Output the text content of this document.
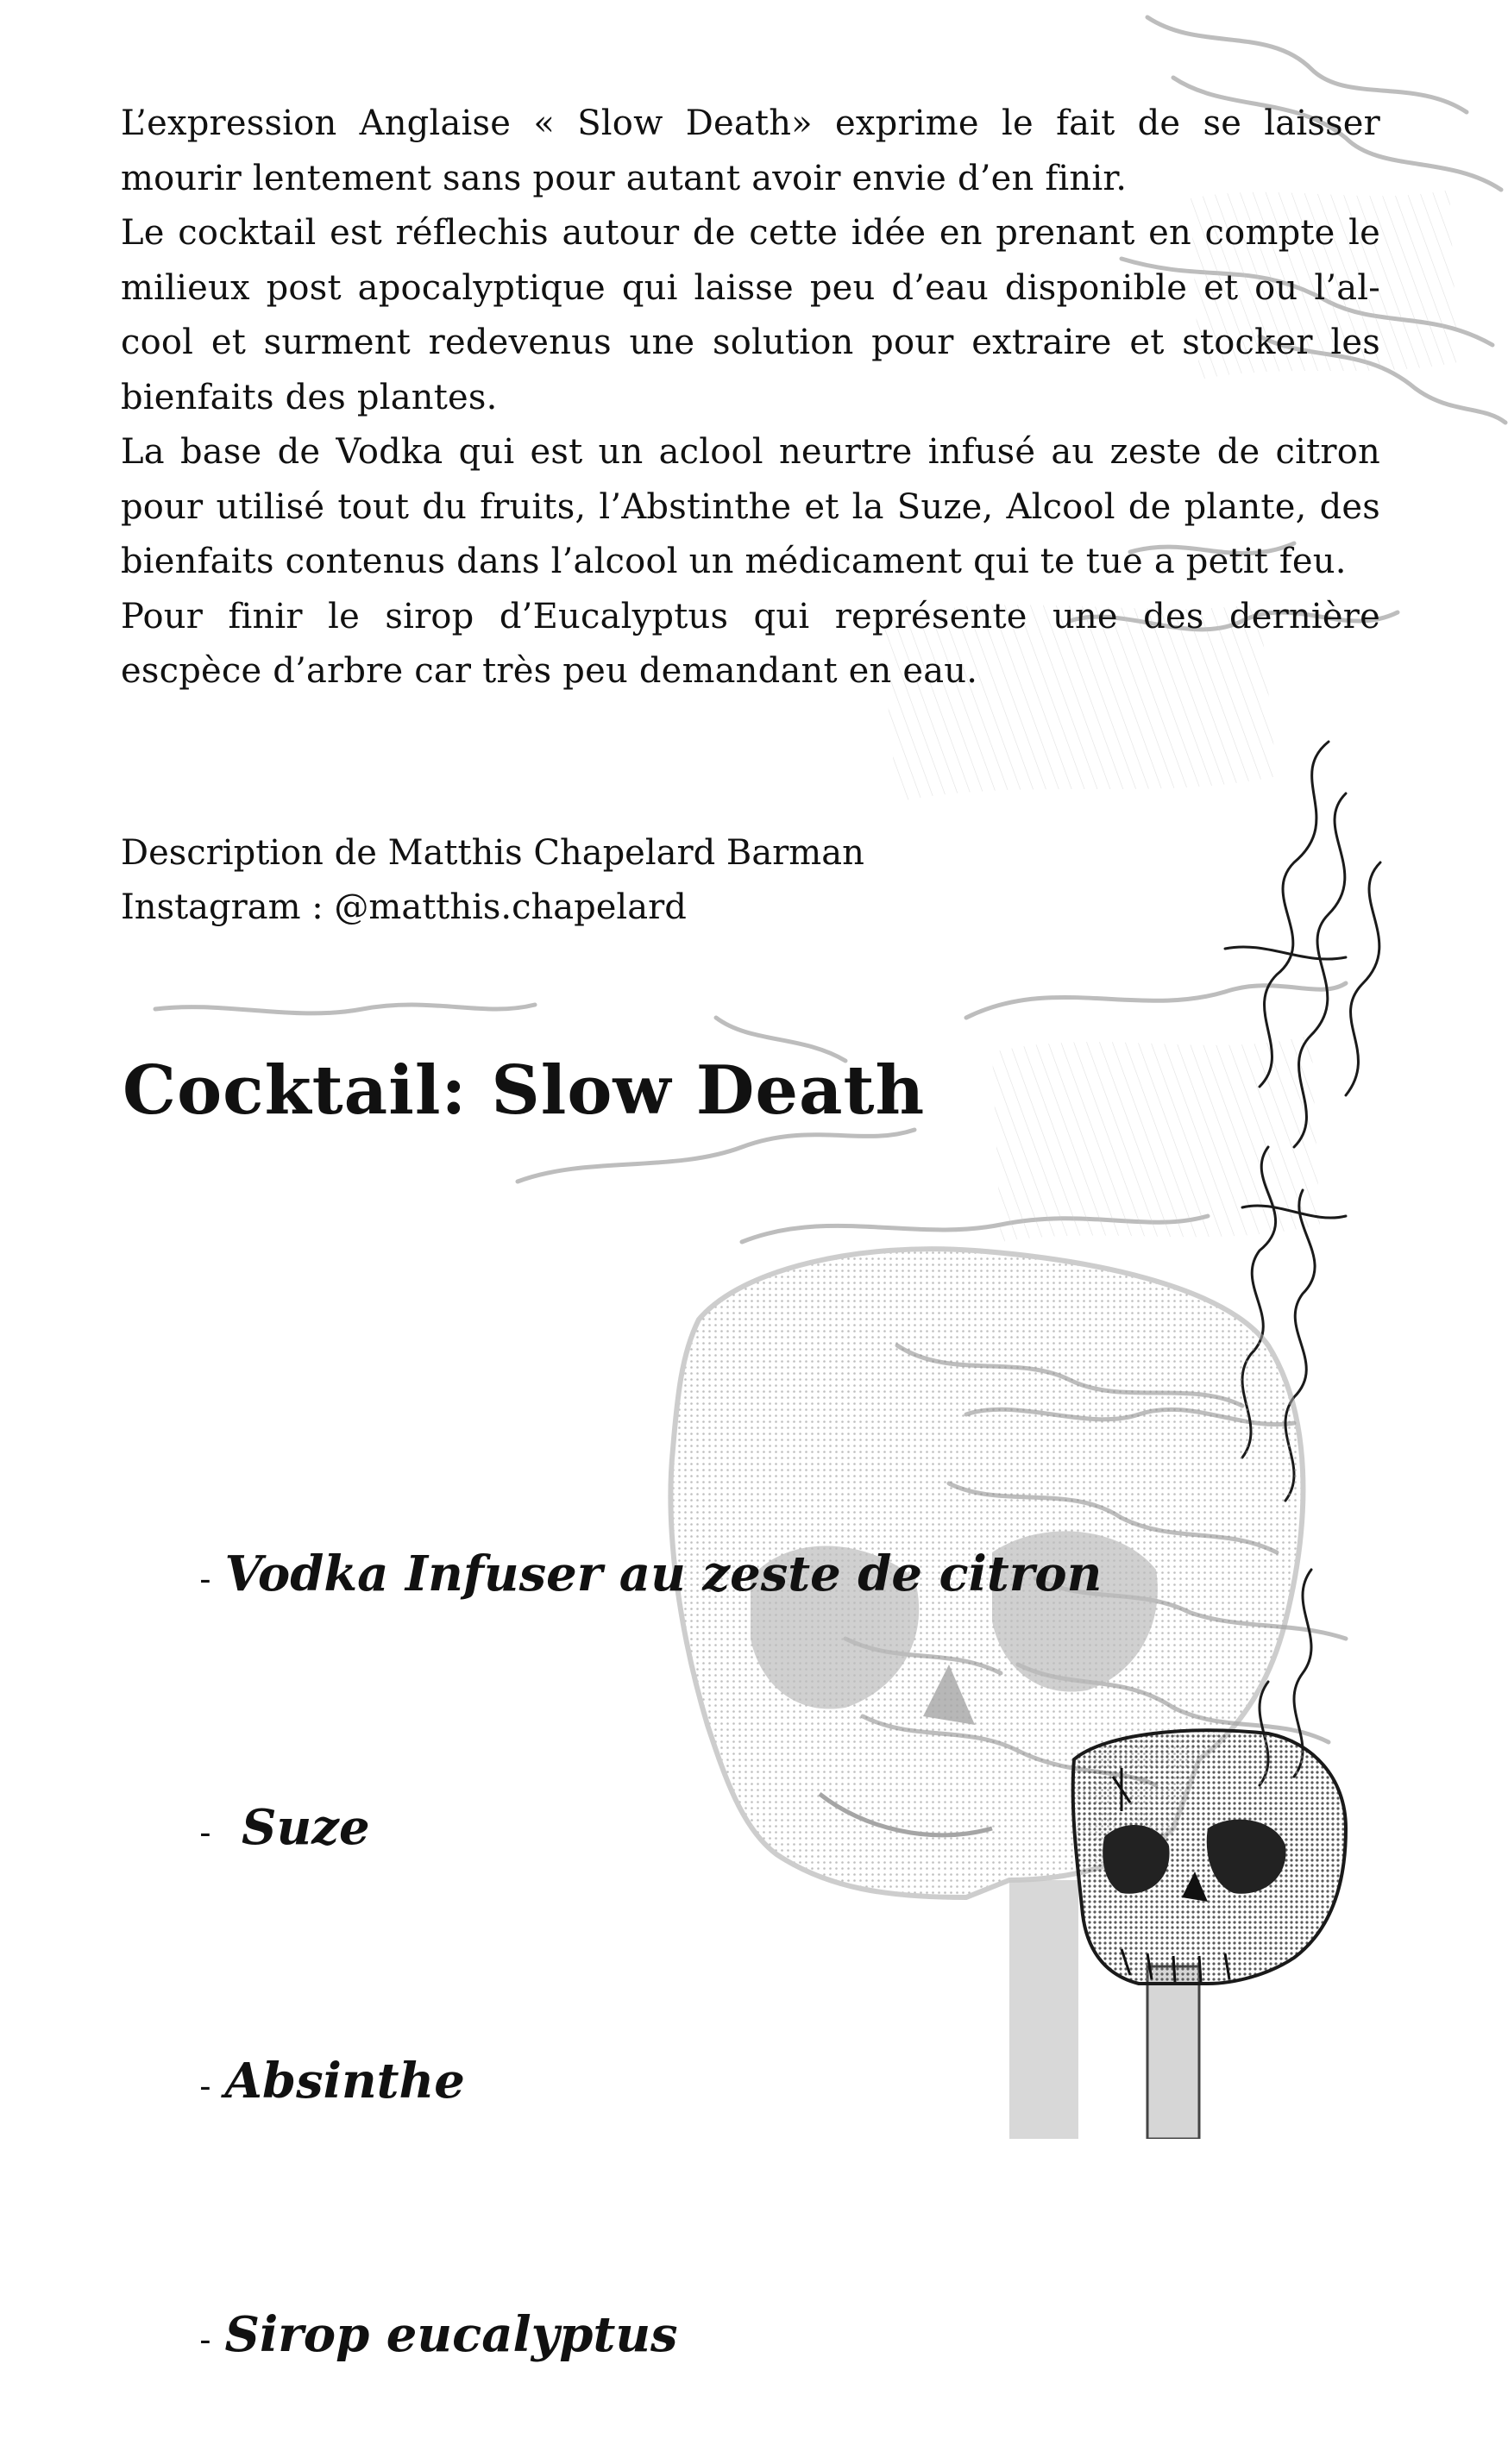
L’expression Anglaise « Slow Death» exprime le fait de se laisser mourir lentement sans pour autant avoir envie d’en finir.

Le cocktail est réflechis autour de cette idée en prenant en compte le milieux post apocalyptique qui laisse peu d’eau disponible et ou l’al-cool et surment redevenus une solution pour extraire et stocker les bienfaits des plantes.

La base de Vodka qui est un aclool neurtre infusé au zeste de citron pour utilisé tout du fruits, l’Abstinthe et la Suze, Alcool de plante, des bienfaits contenus dans l’alcool un médicament qui te tue a petit feu.

Pour finir le sirop d’Eucalyptus qui représente une des dernière escpèce d’arbre car très peu demandant en eau.

Description de Matthis Chapelard Barman
Instagram : @matthis.chapelard
Cocktail: Slow Death

- Vodka Infuser au zeste de citron

- Suze

- Absinthe

- Sirop eucalyptus
